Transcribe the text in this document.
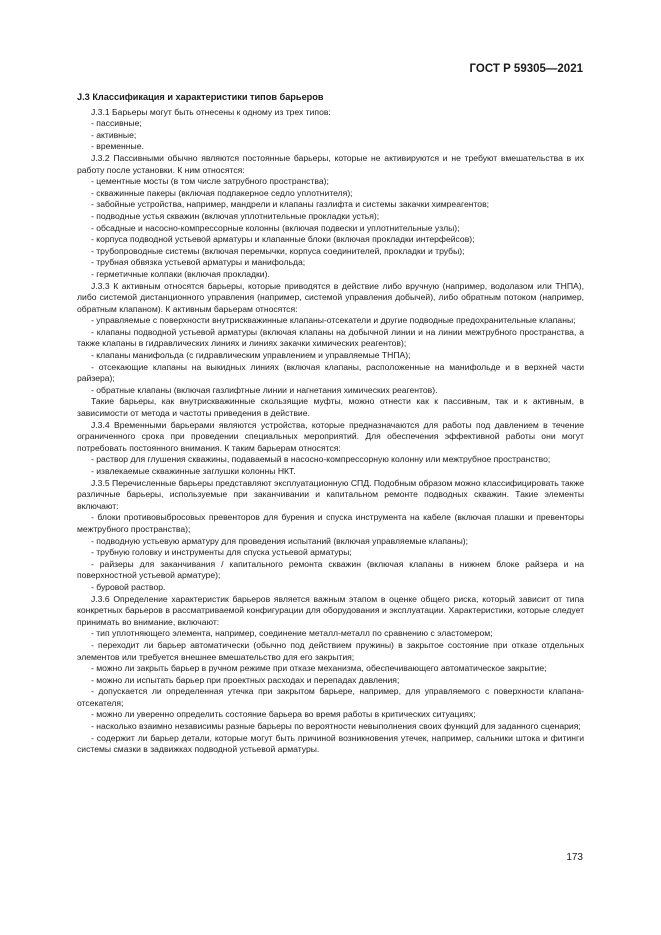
ГОСТ Р 59305—2021
J.3 Классификация и характеристики типов барьеров
J.3.1 Барьеры могут быть отнесены к одному из трех типов:
- пассивные;
- активные;
- временные.
J.3.2 Пассивными обычно являются постоянные барьеры, которые не активируются и не требуют вмешательства в их работу после установки. К ним относятся:
- цементные мосты (в том числе затрубного пространства);
- скважинные пакеры (включая подпакерное седло уплотнителя);
- забойные устройства, например, мандрели и клапаны газлифта и системы закачки химреагентов;
- подводные устья скважин (включая уплотнительные прокладки устья);
- обсадные и насосно-компрессорные колонны (включая подвески и уплотнительные узлы);
- корпуса подводной устьевой арматуры и клапанные блоки (включая прокладки интерфейсов);
- трубопроводные системы (включая перемычки, корпуса соединителей, прокладки и трубы);
- трубная обвязка устьевой арматуры и манифольда;
- герметичные колпаки (включая прокладки).
J.3.3 К активным относятся барьеры, которые приводятся в действие либо вручную (например, водолазом или ТНПА), либо системой дистанционного управления (например, системой управления добычей), либо обратным потоком (например, обратным клапаном). К активным барьерам относятся:
- управляемые с поверхности внутрискважинные клапаны-отсекатели и другие подводные предохранительные клапаны;
- клапаны подводной устьевой арматуры (включая клапаны на добычной линии и на линии межтрубного пространства, а также клапаны в гидравлических линиях и линиях закачки химических реагентов);
- клапаны манифольда (с гидравлическим управлением и управляемые ТНПА);
- отсекающие клапаны на выкидных линиях (включая клапаны, расположенные на манифольде и в верхней части райзера);
- обратные клапаны (включая газлифтные линии и нагнетания химических реагентов).
Такие барьеры, как внутрискважинные скользящие муфты, можно отнести как к пассивным, так и к активным, в зависимости от метода и частоты приведения в действие.
J.3.4 Временными барьерами являются устройства, которые предназначаются для работы под давлением в течение ограниченного срока при проведении специальных мероприятий. Для обеспечения эффективной работы они могут потребовать постоянного внимания. К таким барьерам относятся:
- раствор для глушения скважины, подаваемый в насосно-компрессорную колонну или межтрубное пространство;
- извлекаемые скважинные заглушки колонны НКТ.
J.3.5 Перечисленные барьеры представляют эксплуатационную СПД. Подобным образом можно классифицировать также различные барьеры, используемые при заканчивании и капитальном ремонте подводных скважин. Такие элементы включают:
- блоки противовыбросовых превенторов для бурения и спуска инструмента на кабеле (включая плашки и превенторы межтрубного пространства);
- подводную устьевую арматуру для проведения испытаний (включая управляемые клапаны);
- трубную головку и инструменты для спуска устьевой арматуры;
- райзеры для заканчивания / капитального ремонта скважин (включая клапаны в нижнем блоке райзера и на поверхностной устьевой арматуре);
- буровой раствор.
J.3.6 Определение характеристик барьеров является важным этапом в оценке общего риска, который зависит от типа конкретных барьеров в рассматриваемой конфигурации для оборудования и эксплуатации. Характеристики, которые следует принимать во внимание, включают:
- тип уплотняющего элемента, например, соединение металл-металл по сравнению с эластомером;
- переходит ли барьер автоматически (обычно под действием пружины) в закрытое состояние при отказе отдельных элементов или требуется внешнее вмешательство для его закрытия;
- можно ли закрыть барьер в ручном режиме при отказе механизма, обеспечивающего автоматическое закрытие;
- можно ли испытать барьер при проектных расходах и перепадах давления;
- допускается ли определенная утечка при закрытом барьере, например, для управляемого с поверхности клапана-отсекателя;
- можно ли уверенно определить состояние барьера во время работы в критических ситуациях;
- насколько взаимно независимы разные барьеры по вероятности невыполнения своих функций для заданного сценария;
- содержит ли барьер детали, которые могут быть причиной возникновения утечек, например, сальники штока и фитинги системы смазки в задвижках подводной устьевой арматуры.
173
